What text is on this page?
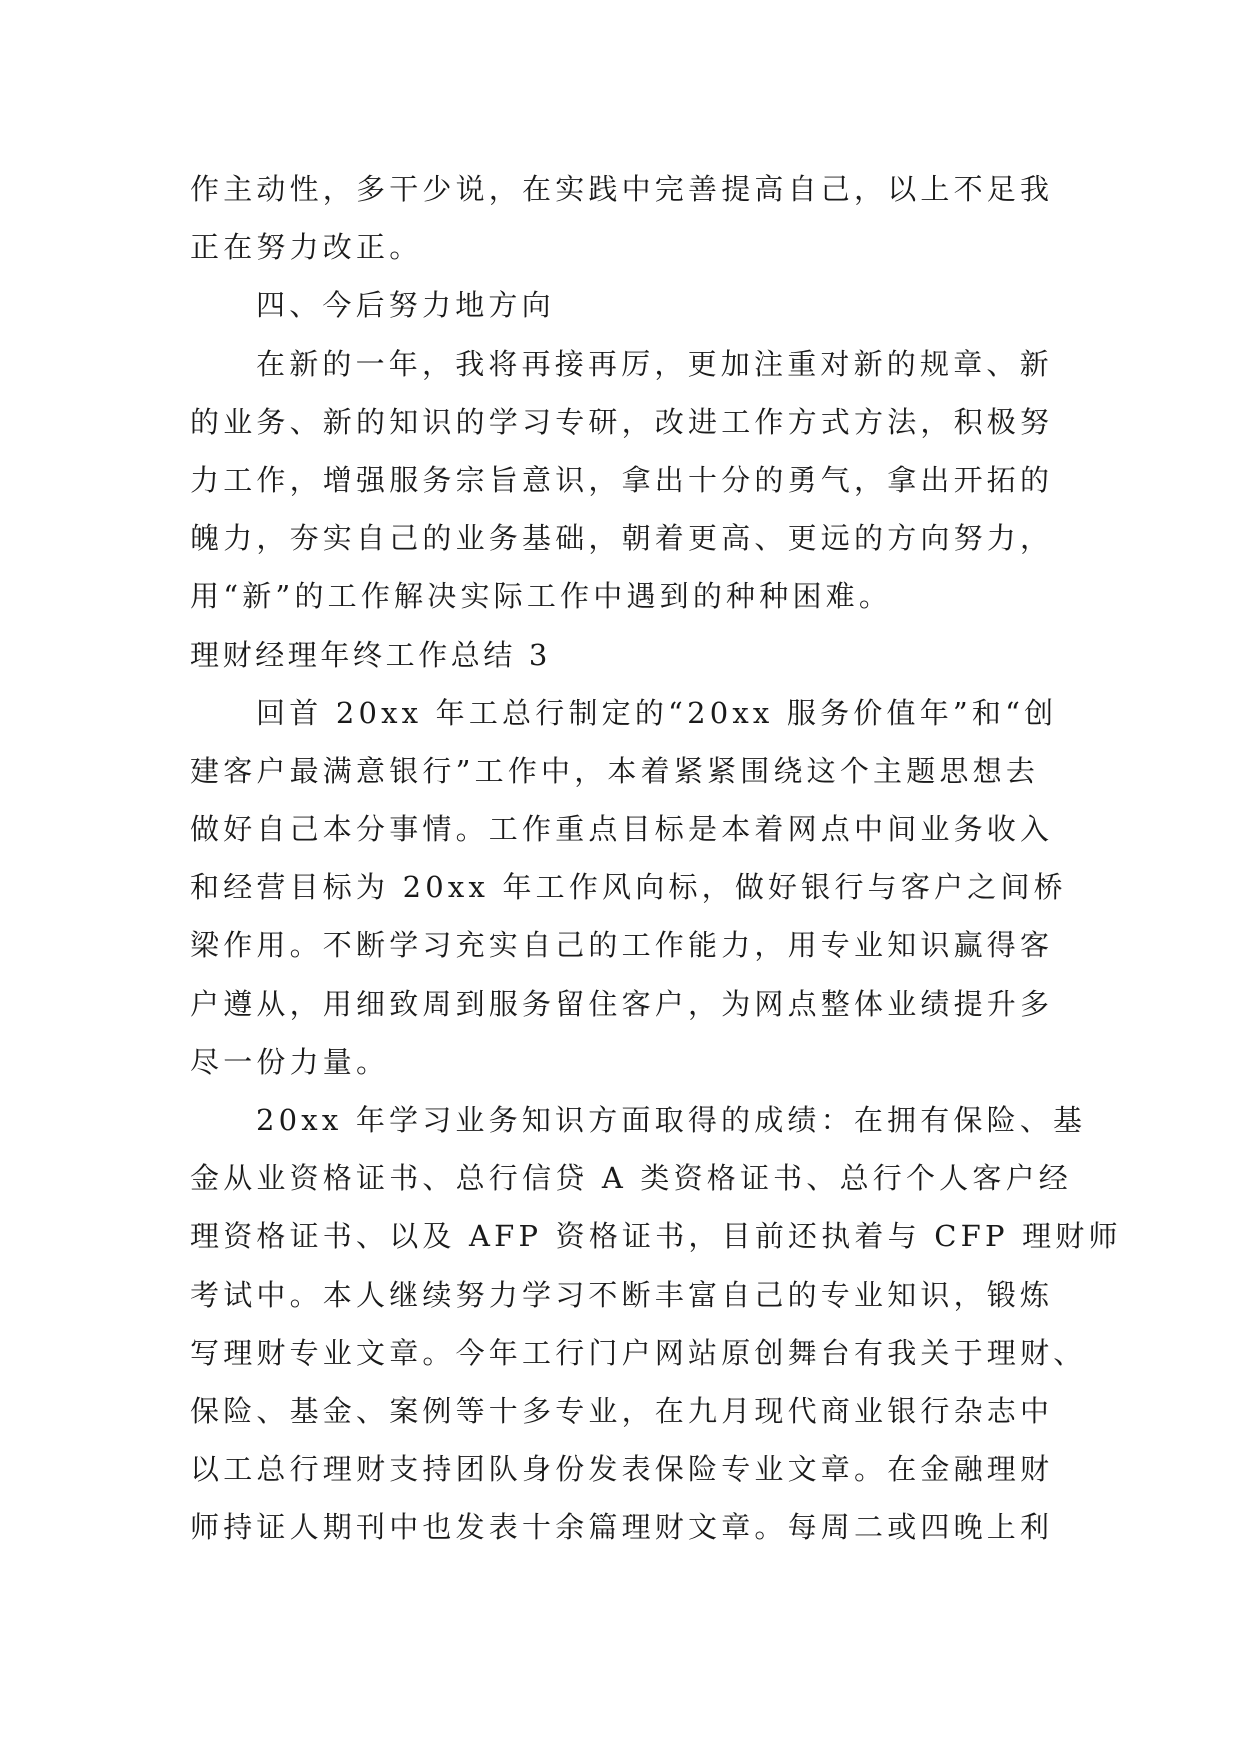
作主动性，多干少说，在实践中完善提高自己，以上不足我
正在努力改正。
四、今后努力地方向
在新的一年，我将再接再厉，更加注重对新的规章、新
的业务、新的知识的学习专研，改进工作方式方法，积极努
力工作，增强服务宗旨意识，拿出十分的勇气，拿出开拓的
魄力，夯实自己的业务基础，朝着更高、更远的方向努力，
用“新”的工作解决实际工作中遇到的种种困难。
理财经理年终工作总结 3
回首 20xx 年工总行制定的“20xx 服务价值年”和“创
建客户最满意银行”工作中，本着紧紧围绕这个主题思想去
做好自己本分事情。工作重点目标是本着网点中间业务收入
和经营目标为 20xx 年工作风向标，做好银行与客户之间桥
梁作用。不断学习充实自己的工作能力，用专业知识赢得客
户遵从，用细致周到服务留住客户，为网点整体业绩提升多
尽一份力量。
20xx 年学习业务知识方面取得的成绩：在拥有保险、基
金从业资格证书、总行信贷 A 类资格证书、总行个人客户经
理资格证书、以及 AFP 资格证书，目前还执着与 CFP 理财师
考试中。本人继续努力学习不断丰富自己的专业知识，锻炼
写理财专业文章。今年工行门户网站原创舞台有我关于理财、
保险、基金、案例等十多专业，在九月现代商业银行杂志中
以工总行理财支持团队身份发表保险专业文章。在金融理财
师持证人期刊中也发表十余篇理财文章。每周二或四晚上利
